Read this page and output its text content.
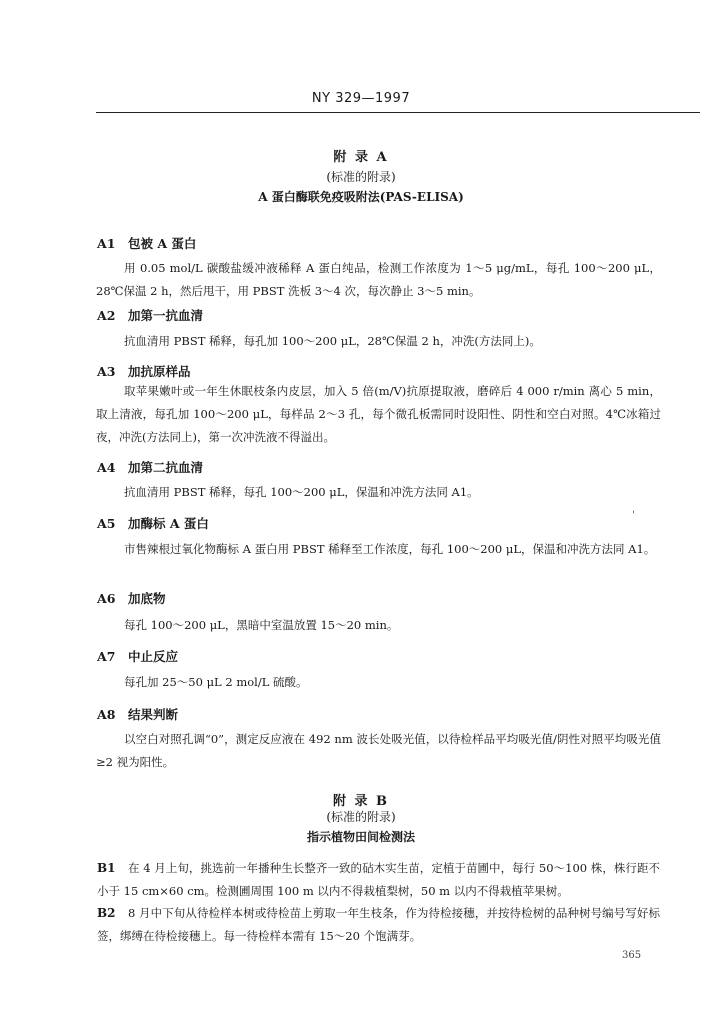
NY 329—1997
附 录 A
(标准的附录)
A 蛋白酶联免疫吸附法(PAS-ELISA)
A1 包被 A 蛋白

用 0.05 mol/L 碳酸盐缓冲液稀释 A 蛋白纯品，检测工作浓度为 1～5 μg/mL，每孔 100～200 μL，28℃保温 2 h，然后甩干，用 PBST 洗板 3～4 次，每次静止 3～5 min。

A2 加第一抗血清

抗血清用 PBST 稀释，每孔加 100～200 μL，28℃保温 2 h，冲洗(方法同上)。

A3 加抗原样品

取苹果嫩叶或一年生休眠枝条内皮层，加入 5 倍(m/V)抗原提取液，磨碎后 4 000 r/min 离心 5 min，取上清液，每孔加 100～200 μL，每样品 2～3 孔，每个微孔板需同时设阳性、阴性和空白对照。4℃冰箱过夜，冲洗(方法同上)，第一次冲洗液不得溢出。

A4 加第二抗血清

抗血清用 PBST 稀释，每孔 100～200 μL，保温和冲洗方法同 A1。

A5 加酶标 A 蛋白

市售辣根过氧化物酶标 A 蛋白用 PBST 稀释至工作浓度，每孔 100～200 μL，保温和冲洗方法同 A1。

A6 加底物

每孔 100～200 μL，黑暗中室温放置 15～20 min。

A7 中止反应

每孔加 25～50 μL 2 mol/L 硫酸。

A8 结果判断

以空白对照孔调“0”，测定反应液在 492 nm 波长处吸光值，以待检样品平均吸光值/阴性对照平均吸光值≥2 视为阳性。

附 录 B
(标准的附录)
指示植物田间检测法

B1 在 4 月上旬，挑选前一年播种生长整齐一致的砧木实生苗，定植于苗圃中，每行 50～100 株，株行距不小于 15 cm×60 cm。检测圃周围 100 m 以内不得栽植梨树，50 m 以内不得栽植苹果树。

B2 8 月中下旬从待检样本树或待检苗上剪取一年生枝条，作为待检接穗，并按待检树的品种树号编号写好标签，绑缚在待检接穗上。每一待检样本需有 15～20 个饱满芽。

365
'
